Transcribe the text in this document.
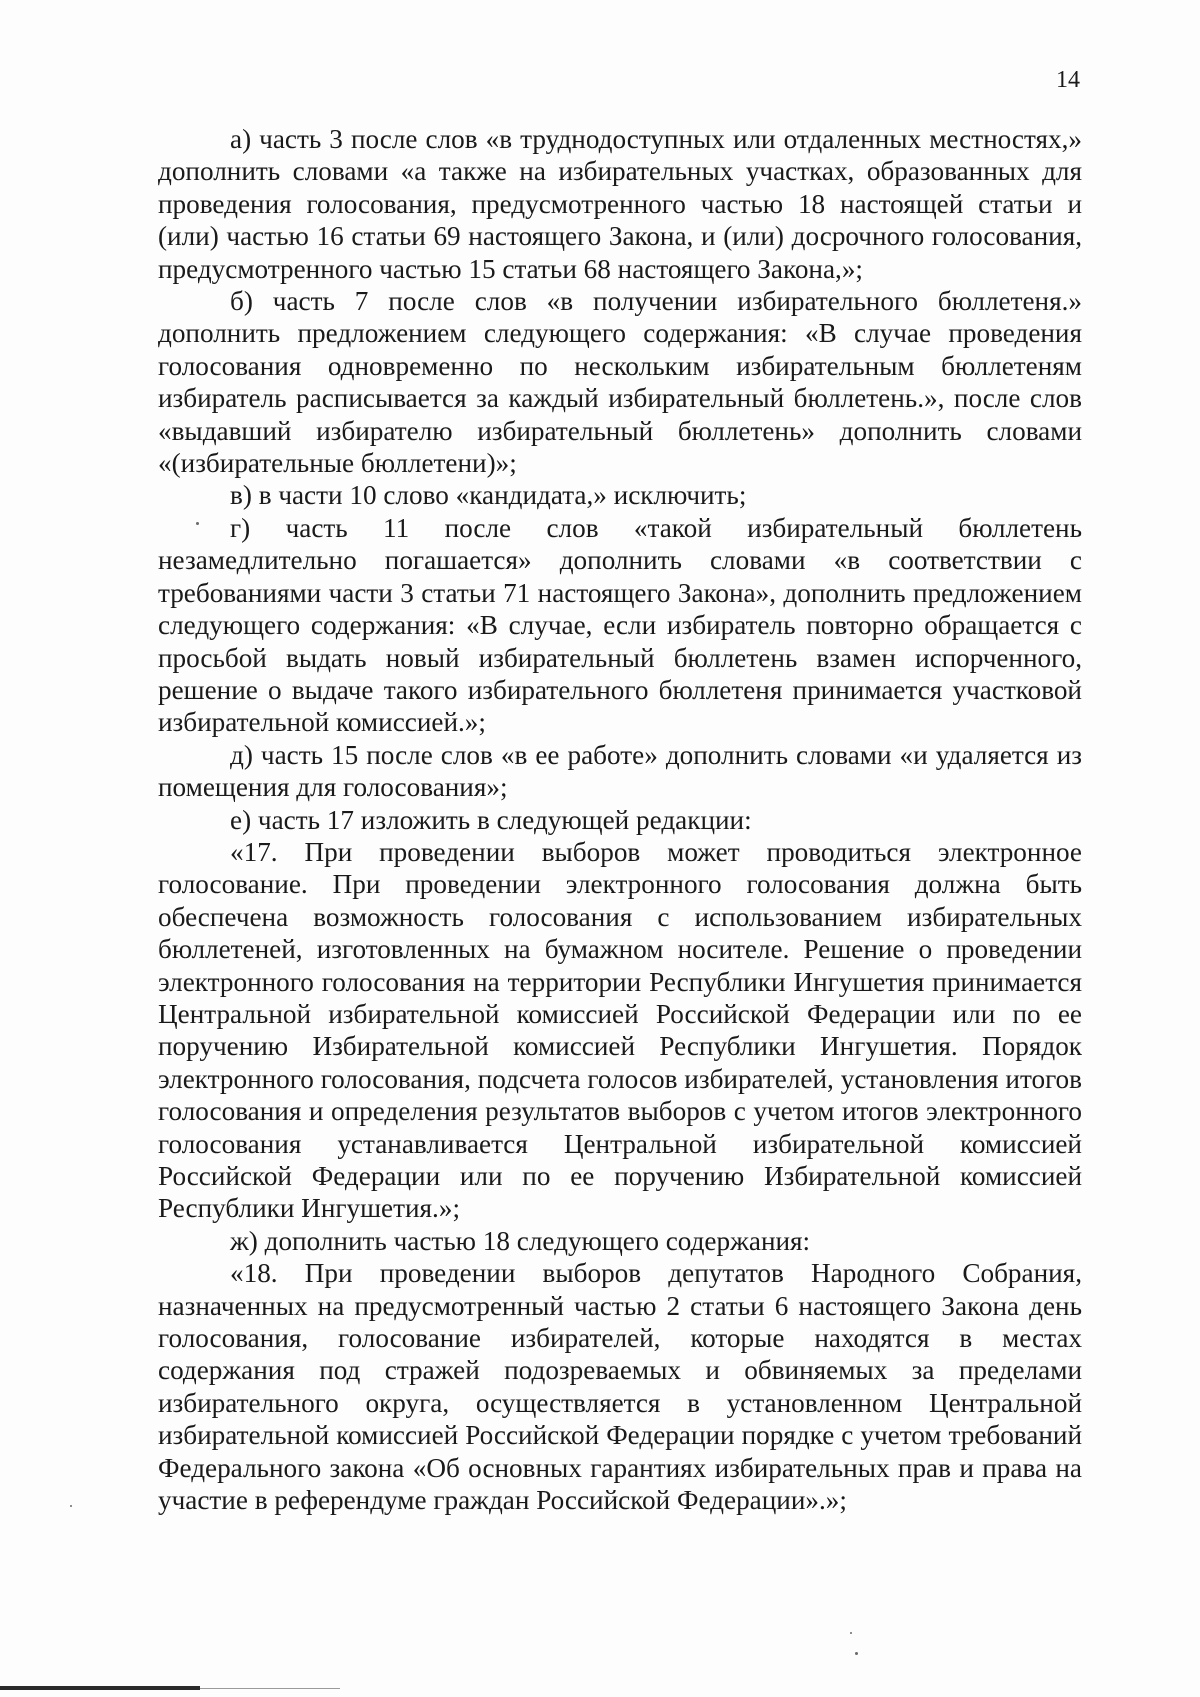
14

а) часть 3 после слов «в труднодоступных или отдаленных местностях,» дополнить словами «а также на избирательных участках, образованных для проведения голосования, предусмотренного частью 18 настоящей статьи и (или) частью 16 статьи 69 настоящего Закона, и (или) досрочного голосования, предусмотренного частью 15 статьи 68 настоящего Закона,»;

б) часть 7 после слов «в получении избирательного бюллетеня.» дополнить предложением следующего содержания: «В случае проведения голосования одновременно по нескольким избирательным бюллетеням избиратель расписывается за каждый избирательный бюллетень.», после слов «выдавший избирателю избирательный бюллетень» дополнить словами «(избирательные бюллетени)»;

в) в части 10 слово «кандидата,» исключить;

г) часть 11 после слов «такой избирательный бюллетень незамедлительно погашается» дополнить словами «в соответствии с требованиями части 3 статьи 71 настоящего Закона», дополнить предложением следующего содержания: «В случае, если избиратель повторно обращается с просьбой выдать новый избирательный бюллетень взамен испорченного, решение о выдаче такого избирательного бюллетеня принимается участковой избирательной комиссией.»;

д) часть 15 после слов «в ее работе» дополнить словами «и удаляется из помещения для голосования»;

е) часть 17 изложить в следующей редакции:

«17. При проведении выборов может проводиться электронное голосование. При проведении электронного голосования должна быть обеспечена возможность голосования с использованием избирательных бюллетеней, изготовленных на бумажном носителе. Решение о проведении электронного голосования на территории Республики Ингушетия принимается Центральной избирательной комиссией Российской Федерации или по ее поручению Избирательной комиссией Республики Ингушетия. Порядок электронного голосования, подсчета голосов избирателей, установления итогов голосования и определения результатов выборов с учетом итогов электронного голосования устанавливается Центральной избирательной комиссией Российской Федерации или по ее поручению Избирательной комиссией Республики Ингушетия.»;

ж) дополнить частью 18 следующего содержания:

«18. При проведении выборов депутатов Народного Собрания, назначенных на предусмотренный частью 2 статьи 6 настоящего Закона день голосования, голосование избирателей, которые находятся в местах содержания под стражей подозреваемых и обвиняемых за пределами избирательного округа, осуществляется в установленном Центральной избирательной комиссией Российской Федерации порядке с учетом требований Федерального закона «Об основных гарантиях избирательных прав и права на участие в референдуме граждан Российской Федерации».»;
